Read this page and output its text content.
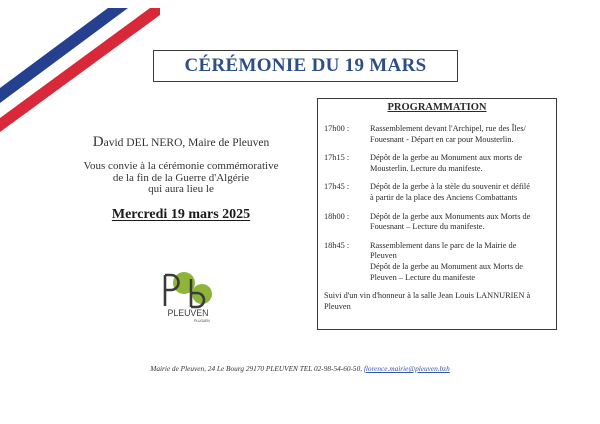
CÉRÉMONIE DU 19 MARS
David DEL NERO, Maire de Pleuven
Vous convie à la cérémonie commémorative
de la fin de la Guerre d'Algérie
qui aura lieu le
Mercredi 19 mars 2025
PLEUVEN
PLUGUEN
PROGRAMMATION
17h00 :	Rassemblement devant l'Archipel, rue des Îles/
Fouesnant - Départ en car pour Mousterlin.
17h15 :	Dépôt de la gerbe au Monument aux morts de
Mousterlin. Lecture du manifeste.
17h45 :	Dépôt de la gerbe à la stèle du souvenir et défilé
à partir de la place des Anciens Combattants
18h00 :	Dépôt de la gerbe aux Monuments aux Morts de
Fouesnant – Lecture du manifeste.
18h45 :	Rassemblement dans le parc de la Mairie de
Pleuven
Dépôt de la gerbe au Monument aux Morts de
Pleuven – Lecture du manifeste
Suivi d'un vin d'honneur à la salle Jean Louis LANNURIEN à
Pleuven
Mairie de Pleuven, 24 Le Bourg 29170 PLEUVEN TEL 02-98-54-60-50, florence.mairie@pleuven.bzh
